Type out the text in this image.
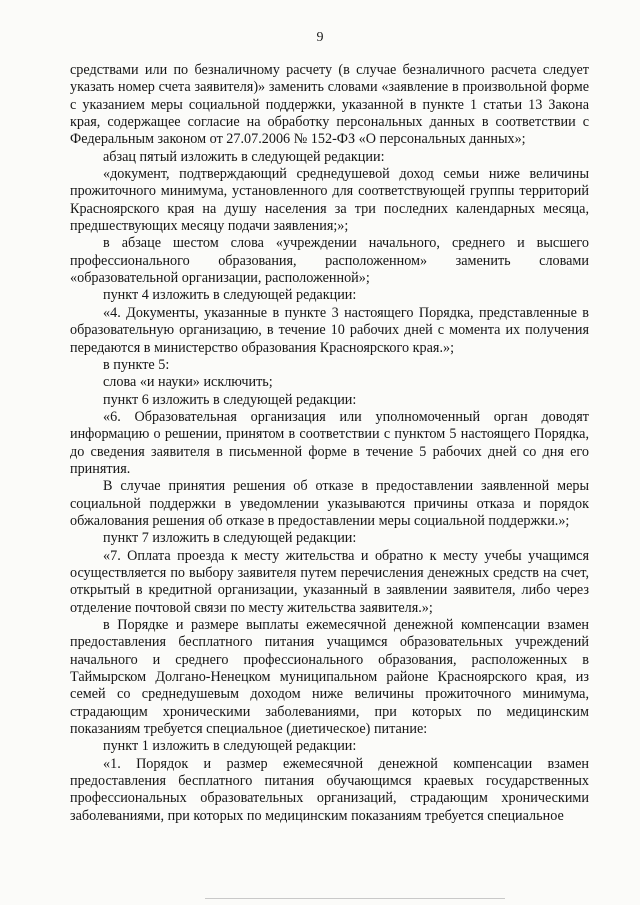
9

средствами или по безналичному расчету (в случае безналичного расчета следует указать номер счета заявителя)» заменить словами «заявление в произвольной форме с указанием меры социальной поддержки, указанной в пункте 1 статьи 13 Закона края, содержащее согласие на обработку персональных данных в соответствии с Федеральным законом от 27.07.2006 № 152-ФЗ «О персональных данных»;

абзац пятый изложить в следующей редакции:

«документ, подтверждающий среднедушевой доход семьи ниже величины прожиточного минимума, установленного для соответствующей группы территорий Красноярского края на душу населения за три последних календарных месяца, предшествующих месяцу подачи заявления;»;

в абзаце шестом слова «учреждении начального, среднего и высшего профессионального образования, расположенном» заменить словами «образовательной организации, расположенной»;

пункт 4 изложить в следующей редакции:

«4. Документы, указанные в пункте 3 настоящего Порядка, представленные в образовательную организацию, в течение 10 рабочих дней с момента их получения передаются в министерство образования Красноярского края.»;

в пункте 5:

слова «и науки» исключить;

пункт 6 изложить в следующей редакции:

«6. Образовательная организация или уполномоченный орган доводят информацию о решении, принятом в соответствии с пунктом 5 настоящего Порядка, до сведения заявителя в письменной форме в течение 5 рабочих дней со дня его принятия.

В случае принятия решения об отказе в предоставлении заявленной меры социальной поддержки в уведомлении указываются причины отказа и порядок обжалования решения об отказе в предоставлении меры социальной поддержки.»;

пункт 7 изложить в следующей редакции:

«7. Оплата проезда к месту жительства и обратно к месту учебы учащимся осуществляется по выбору заявителя путем перечисления денежных средств на счет, открытый в кредитной организации, указанный в заявлении заявителя, либо через отделение почтовой связи по месту жительства заявителя.»;

в Порядке и размере выплаты ежемесячной денежной компенсации взамен предоставления бесплатного питания учащимся образовательных учреждений начального и среднего профессионального образования, расположенных в Таймырском Долгано-Ненецком муниципальном районе Красноярского края, из семей со среднедушевым доходом ниже величины прожиточного минимума, страдающим хроническими заболеваниями, при которых по медицинским показаниям требуется специальное (диетическое) питание:

пункт 1 изложить в следующей редакции:

«1. Порядок и размер ежемесячной денежной компенсации взамен предоставления бесплатного питания обучающимся краевых государственных профессиональных образовательных организаций, страдающим хроническими заболеваниями, при которых по медицинским показаниям требуется специальное
